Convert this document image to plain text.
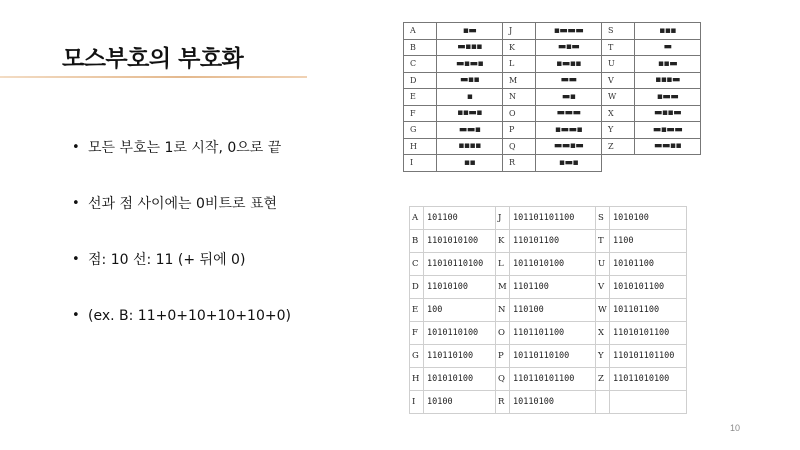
모스부호의 부호화
• 모든 부호는 1로 시작, 0으로 끝
• 선과 점 사이에는 0비트로 표현
• 점: 10 선: 11 (+ 뒤에 0)
• (ex. B: 11+0+10+10+10+0)
A	▪▬	J	▪▬▬▬	S	▪▪▪
B	▬▪▪▪	K	▬▪▬	T	▬
C	▬▪▬▪	L	▪▬▪▪	U	▪▪▬
D	▬▪▪	M	▬▬	V	▪▪▪▬
E	▪	N	▬▪	W	▪▬▬
F	▪▪▬▪	O	▬▬▬	X	▬▪▪▬
G	▬▬▪	P	▪▬▬▪	Y	▬▪▬▬
H	▪▪▪▪	Q	▬▬▪▬	Z	▬▬▪▪
I	▪▪	R	▪▬▪		
A	101100	J	101101101100	S	1010100
B	1101010100	K	110101100	T	1100
C	11010110100	L	1011010100	U	10101100
D	11010100	M	1101100	V	1010101100
E	100	N	110100	W	101101100
F	1010110100	O	1101101100	X	11010101100
G	110110100	P	10110110100	Y	110101101100
H	101010100	Q	110110101100	Z	11011010100
I	10100	R	10110100		
10
